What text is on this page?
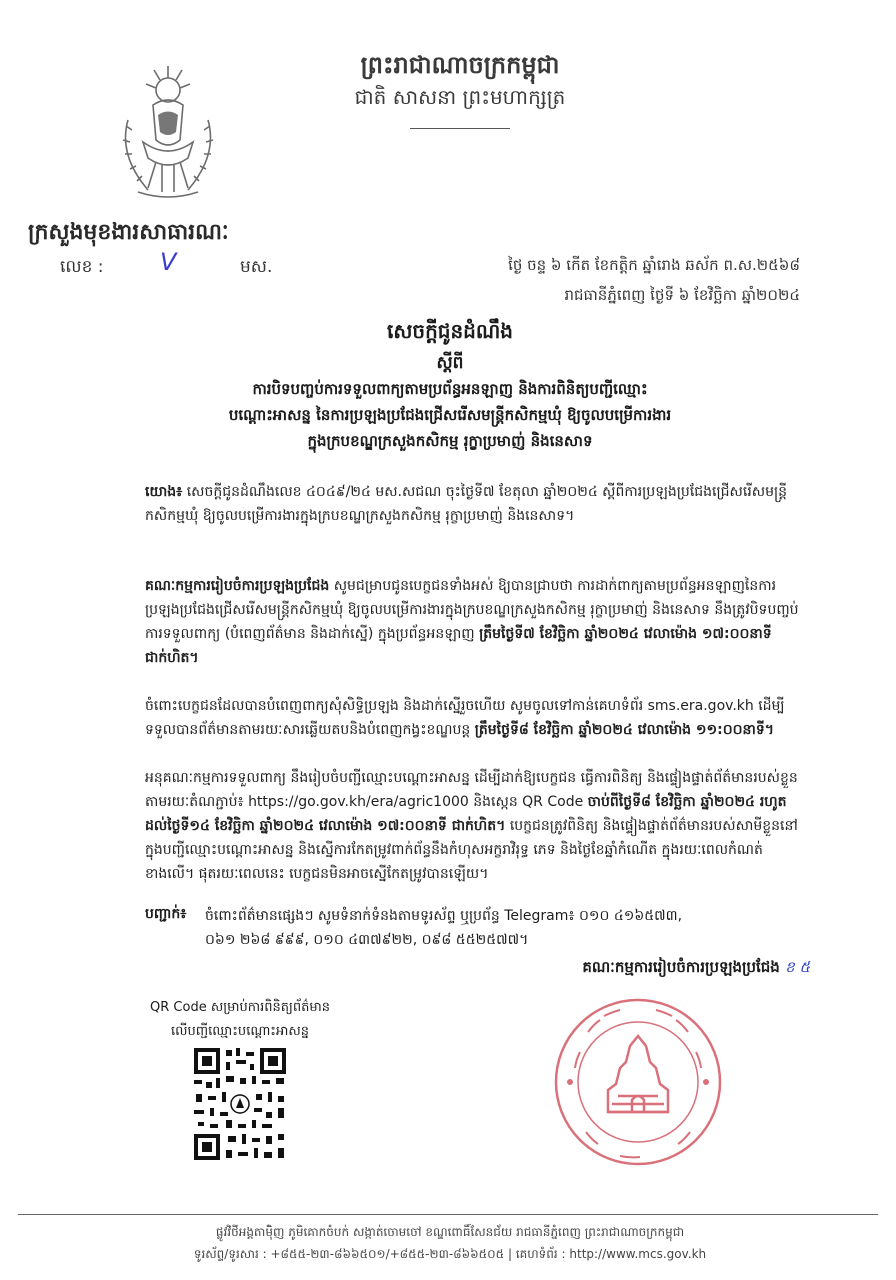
ព្រះរាជាណាចក្រកម្ពុជា
ជាតិ សាសនា ព្រះមហាក្សត្រ
ក្រសួងមុខងារសាធារណៈ
លេខ : V	មស.	ថ្ងៃ ចន្ទ ៦ កើត ខែកត្តិក ឆ្នាំរោង ឆស័ក ព.ស.២៥៦៨
រាជធានីភ្នំពេញ ថ្ងៃទី ៦ ខែវិច្ឆិកា ឆ្នាំ២០២៤
សេចក្តីជូនដំណឹង
ស្តីពី
ការបិទបញ្ចប់ការទទួលពាក្យតាមប្រព័ន្ធអនឡាញ និងការពិនិត្យបញ្ជីឈ្មោះ
បណ្តោះអាសន្ន នៃការប្រឡងប្រជែងជ្រើសរើសមន្ត្រីកសិកម្មឃុំ ឱ្យចូលបម្រើការងារ
ក្នុងក្របខណ្ឌក្រសួងកសិកម្ម រុក្ខាប្រមាញ់ និងនេសាទ
យោង៖ សេចក្តីជូនដំណឹងលេខ ៤០៤៩/២៤ មស.សជណ ចុះថ្ងៃទី៧ ខែតុលា ឆ្នាំ២០២៤ ស្តីពីការប្រឡងប្រជែងជ្រើសរើសមន្ត្រីកសិកម្មឃុំ ឱ្យចូលបម្រើការងារក្នុងក្របខណ្ឌក្រសួងកសិកម្ម រុក្ខាប្រមាញ់ និងនេសាទ។
គណៈកម្មការរៀបចំការប្រឡងប្រជែង សូមជម្រាបជូនបេក្ខជនទាំងអស់ ឱ្យបានជ្រាបថា ការដាក់ពាក្យតាមប្រព័ន្ធអនឡាញនៃការប្រឡងប្រជែងជ្រើសរើសមន្ត្រីកសិកម្មឃុំ ឱ្យចូលបម្រើការងារក្នុងក្របខណ្ឌក្រសួងកសិកម្ម រុក្ខាប្រមាញ់ និងនេសាទ នឹងត្រូវបិទបញ្ចប់ការទទួលពាក្យ (បំពេញព័ត៌មាន និងដាក់ស្នើ) ក្នុងប្រព័ន្ធអនឡាញ ត្រឹមថ្ងៃទី៧ ខែវិច្ឆិកា ឆ្នាំ២០២៤ វេលាម៉ោង ១៧:០០នាទីជាក់ហិត។
ចំពោះបេក្ខជនដែលបានបំពេញពាក្យសុំសិទ្ធិប្រឡង និងដាក់ស្នើរួចហើយ សូមចូលទៅកាន់គេហទំព័រ sms.era.gov.kh ដើម្បីទទួលបានព័ត៌មានតាមរយៈសារឆ្លើយតបនិងបំពេញកង្វះខណ្ឌបន្ត ត្រឹមថ្ងៃទី៨ ខែវិច្ឆិកា ឆ្នាំ២០២៤ វេលាម៉ោង ១១:០០នាទី។
អនុគណៈកម្មការទទួលពាក្យ នឹងរៀបចំបញ្ជីឈ្មោះបណ្តោះអាសន្ន ដើម្បីដាក់ឱ្យបេក្ខជន ធ្វើការពិនិត្យ និងផ្ទៀងផ្ទាត់ព័ត៌មានរបស់ខ្លួន តាមរយៈតំណភ្ជាប់៖ https://go.gov.kh/era/agric1000 និងស្កេន QR Code ចាប់ពីថ្ងៃទី៨ ខែវិច្ឆិកា ឆ្នាំ២០២៤ រហូតដល់ថ្ងៃទី១៤ ខែវិច្ឆិកា ឆ្នាំ២០២៤ វេលាម៉ោង ១៧:០០នាទី ជាក់ហិត។ បេក្ខជនត្រូវពិនិត្យ និងផ្ទៀងផ្ទាត់ព័ត៌មានរបស់សាមីខ្លួននៅក្នុងបញ្ជីឈ្មោះបណ្តោះអាសន្ន និងស្នើការកែតម្រូវពាក់ព័ន្ធនឹងកំហុសអក្ខរាវិរុទ្ធ ភេទ និងថ្ងៃខែឆ្នាំកំណើត ក្នុងរយៈពេលកំណត់ខាងលើ។ ផុតរយៈពេលនេះ បេក្ខជនមិនអាចស្នើកែតម្រូវបានឡើយ។
បញ្ជាក់៖ ចំពោះព័ត៌មានផ្សេងៗ សូមទំនាក់ទំនងតាមទូរស័ព្ទ ឬប្រព័ន្ធ Telegram៖ ០១០ ៤១៦៥៧៣,
០៦១ ២៦៨ ៩៩៩, ០១០ ៤៣៧៩២២, ០៩៨ ៥៥២៥៧៧។
គណៈកម្មការរៀបចំការប្រឡងប្រជែង ខ ៥
QR Code សម្រាប់ការពិនិត្យព័ត៌មាន
លើបញ្ជីឈ្មោះបណ្តោះអាសន្ន
ផ្លូវវិថីអង្គតាម៉ុិញ ភូមិគោកចំបក់ សង្កាត់ចោមចៅ ខណ្ឌពោធិ៍សែនជ័យ រាជធានីភ្នំពេញ ព្រះរាជាណាចក្រកម្ពុជា
ទូរស័ព្ទ/ទូរសារ : +៨៥៥-២៣-៨៦៦៥០១/+៨៥៥-២៣-៨៦៦៥០៥ | គេហទំព័រ : http://www.mcs.gov.kh
